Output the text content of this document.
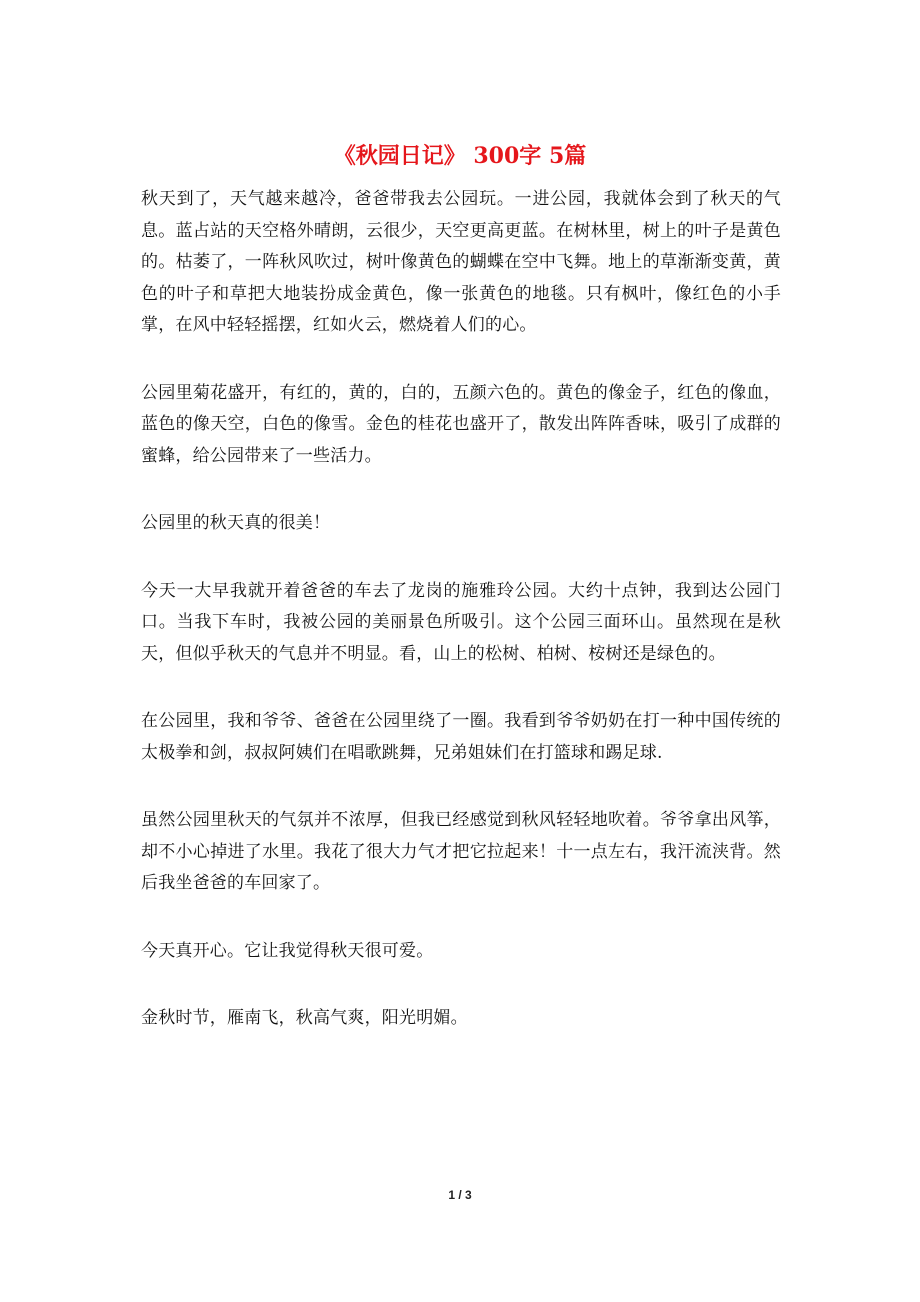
《秋园日记》 300字 5篇

秋天到了，天气越来越冷，爸爸带我去公园玩。一进公园，我就体会到了秋天的气息。蓝占站的天空格外晴朗，云很少，天空更高更蓝。在树林里，树上的叶子是黄色的。枯萎了，一阵秋风吹过，树叶像黄色的蝴蝶在空中飞舞。地上的草渐渐变黄，黄色的叶子和草把大地装扮成金黄色，像一张黄色的地毯。只有枫叶，像红色的小手掌，在风中轻轻摇摆，红如火云，燃烧着人们的心。

公园里菊花盛开，有红的，黄的，白的，五颜六色的。黄色的像金子，红色的像血，蓝色的像天空，白色的像雪。金色的桂花也盛开了，散发出阵阵香味，吸引了成群的蜜蜂，给公园带来了一些活力。

公园里的秋天真的很美！

今天一大早我就开着爸爸的车去了龙岗的施雅玲公园。大约十点钟，我到达公园门口。当我下车时，我被公园的美丽景色所吸引。这个公园三面环山。虽然现在是秋天，但似乎秋天的气息并不明显。看，山上的松树、柏树、桉树还是绿色的。

在公园里，我和爷爷、爸爸在公园里绕了一圈。我看到爷爷奶奶在打一种中国传统的太极拳和剑，叔叔阿姨们在唱歌跳舞，兄弟姐妹们在打篮球和踢足球.

虽然公园里秋天的气氛并不浓厚，但我已经感觉到秋风轻轻地吹着。爷爷拿出风筝，却不小心掉进了水里。我花了很大力气才把它拉起来！十一点左右，我汗流浃背。然后我坐爸爸的车回家了。

今天真开心。它让我觉得秋天很可爱。

金秋时节，雁南飞，秋高气爽，阳光明媚。

1 / 3
